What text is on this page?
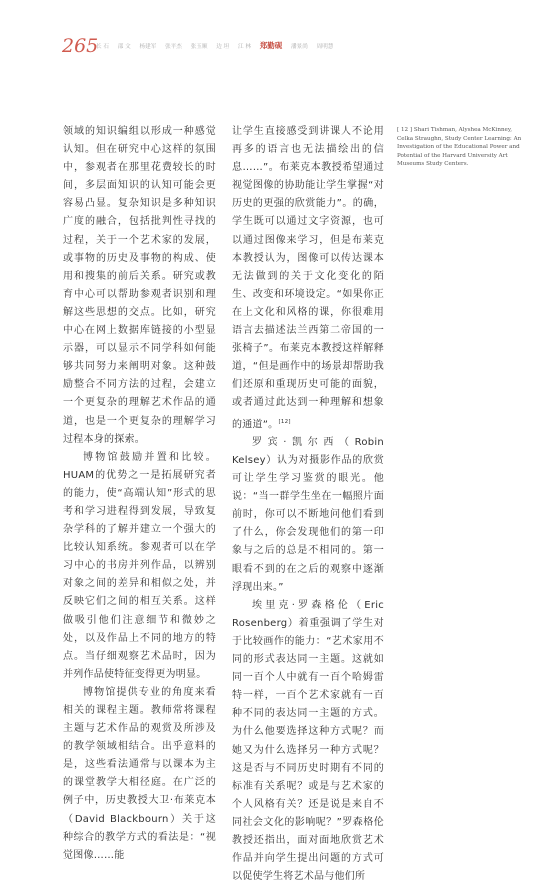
265
长 石 邵 文 杨建军 张平杰 张玉顺 边 坦 江 林 郑勤砚 潘景尚 周明慧

领域的知识编组以形成一种感觉认知。但在研究中心这样的氛围中，参观者在那里花费较长的时间，多层面知识的认知可能会更容易凸显。复杂知识是多种知识广度的融合，包括批判性寻找的过程，关于一个艺术家的发展，或事物的历史及事物的构成、使用和搜集的前后关系。研究或教育中心可以帮助参观者识别和理解这些思想的交点。比如，研究中心在网上数据库链接的小型显示器，可以显示不同学科如何能够共同努力来阐明对象。这种鼓励整合不同方法的过程，会建立一个更复杂的理解艺术作品的通道，也是一个更复杂的理解学习过程本身的探索。

博物馆鼓励并置和比较。HUAM的优势之一是拓展研究者的能力，使“高端认知”形式的思考和学习进程得到发展，导致复杂学科的了解并建立一个强大的比较认知系统。参观者可以在学习中心的书房并列作品，以辨别对象之间的差异和相似之处，并反映它们之间的相互关系。这样做吸引他们注意细节和微妙之处，以及作品上不同的地方的特点。当仔细观察艺术品时，因为并列作品使特征变得更为明显。

博物馆提供专业的角度来看相关的课程主题。教师常将课程主题与艺术作品的观赏及所涉及的教学领域相结合。出乎意料的是，这些看法通常与以课本为主的课堂教学大相径庭。在广泛的例子中，历史教授大卫·布莱克本（David Blackbourn）关于这种综合的教学方式的看法是：“视觉图像……能

让学生直接感受到讲课人不论用再多的语言也无法描绘出的信息……”。布莱克本教授希望通过视觉图像的协助能让学生掌握“对历史的更强的欣赏能力”。的确，学生既可以通过文字资源，也可以通过图像来学习，但是布莱克本教授认为，图像可以传达课本无法做到的关于文化变化的陌生、改变和环境设定。“如果你正在上文化和风格的课，你很难用语言去描述法兰西第二帝国的一张椅子”。布莱克本教授这样解释道，“但是画作中的场景却帮助我们还原和重现历史可能的面貌，或者通过此达到一种理解和想象的通道”。[12]

罗宾·凯尔西（Robin Kelsey）认为对摄影作品的欣赏可让学生学习鉴赏的眼光。他说：“当一群学生坐在一幅照片面前时，你可以不断地问他们看到了什么，你会发现他们的第一印象与之后的总是不相同的。第一眼看不到的在之后的观察中逐渐浮现出来。”

埃里克·罗森格伦（Eric Rosenberg）着重强调了学生对于比较画作的能力：“艺术家用不同的形式表达同一主题。这就如同一百个人中就有一百个哈姆雷特一样，一百个艺术家就有一百种不同的表达同一主题的方式。为什么他要选择这种方式呢？而她又为什么选择另一种方式呢？这是否与不同历史时期有不同的标准有关系呢？或是与艺术家的个人风格有关？还是说是来自不同社会文化的影响呢？”罗森格伦教授还指出，面对面地欣赏艺术作品并向学生提出问题的方式可以促使学生将艺术品与他们所

[ 12 ] Shari Tishman, Alyshea McKinney, Celka Straughn, Study Center Learning: An Investigation of the Educational Power and Potential of the Harvard University Art Museums Study Centers.
